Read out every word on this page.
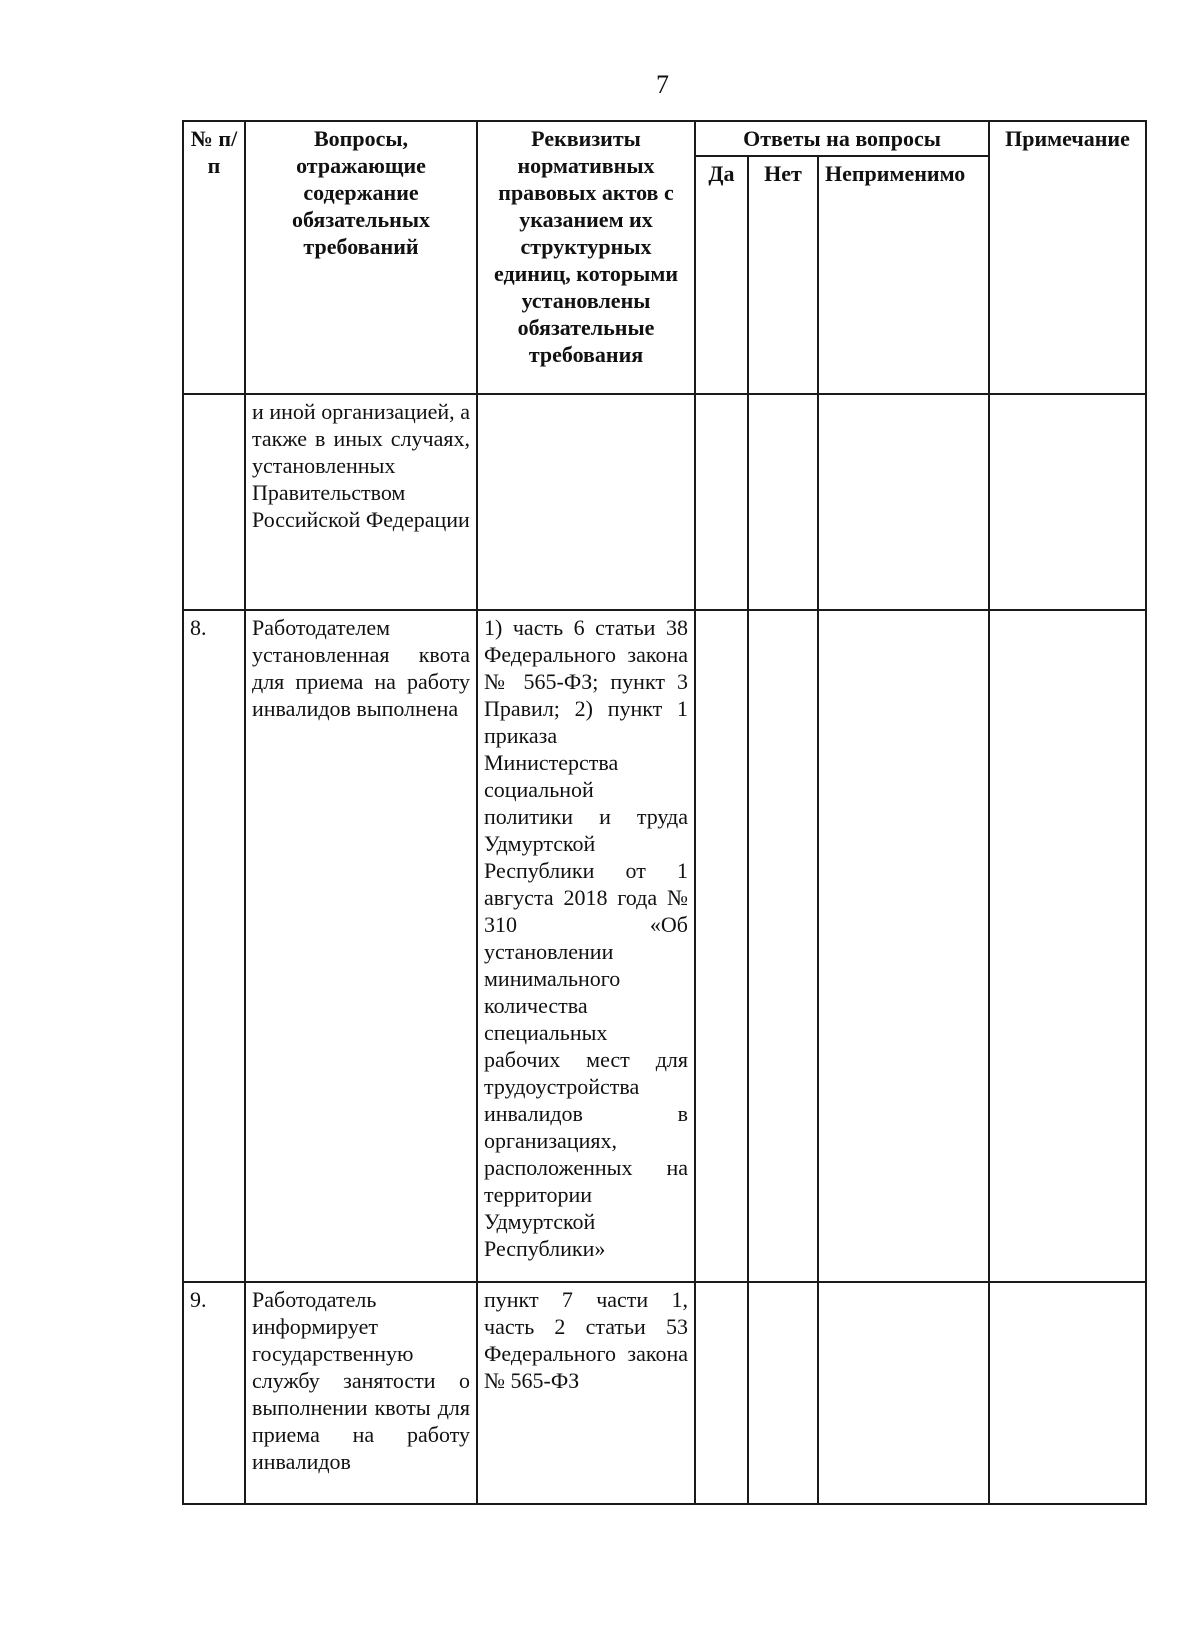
7
№ п/п	Вопросы, отражающие содержание обязательных требований	Реквизиты нормативных правовых актов с указанием их структурных единиц, которыми установлены обязательные требования	Ответы на вопросы			Примечание
			Да	Нет	Неприменимо	
	и иной организацией, а также в иных случаях, установленных Правительством Российской Федерации					
8.	Работодателем установленная квота для приема на работу инвалидов выполнена	1) часть 6 статьи 38 Федерального закона № 565-ФЗ; пункт 3 Правил; 2) пункт 1 приказа Министерства социальной политики и труда Удмуртской Республики от 1 августа 2018 года № 310 «Об установлении минимального количества специальных рабочих мест для трудоустройства инвалидов в организациях, расположенных на территории Удмуртской Республики»				
9.	Работодатель информирует государственную службу занятости о выполнении квоты для приема на работу инвалидов	пункт 7 части 1, часть 2 статьи 53 Федерального закона № 565-ФЗ				
